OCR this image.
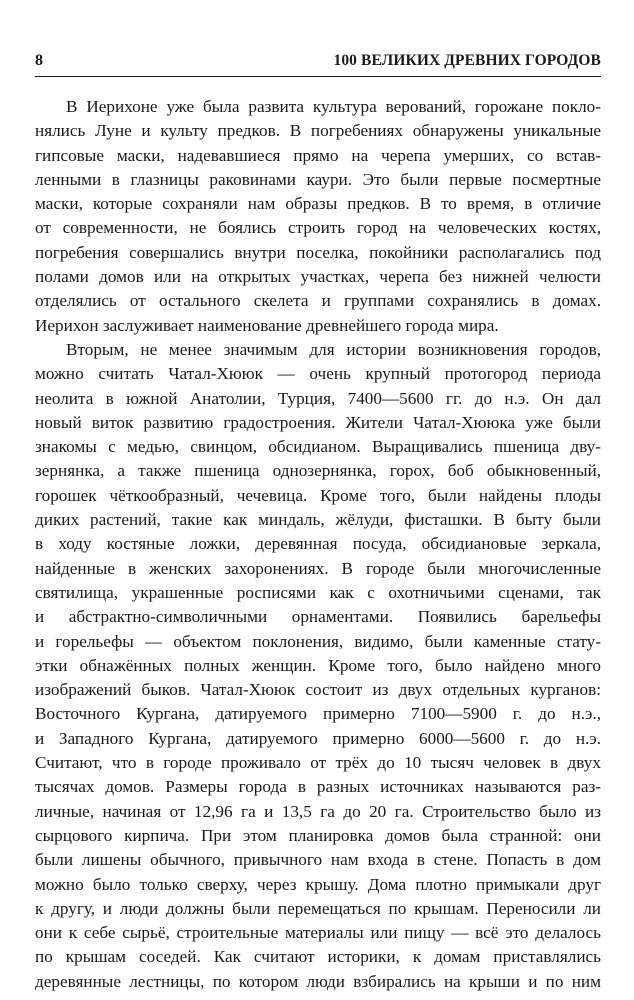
8	100 ВЕЛИКИХ ДРЕВНИХ ГОРОДОВ
В Иерихоне уже была развита культура верований, горожане покло-
нялись Луне и культу предков. В погребениях обнаружены уникальные
гипсовые маски, надевавшиеся прямо на черепа умерших, со встав-
ленными в глазницы раковинами каури. Это были первые посмертные
маски, которые сохраняли нам образы предков. В то время, в отличие
от современности, не боялись строить город на человеческих костях,
погребения совершались внутри поселка, покойники располагались под
полами домов или на открытых участках, черепа без нижней челюсти
отделялись от остального скелета и группами сохранялись в домах.
Иерихон заслуживает наименование древнейшего города мира.
Вторым, не менее значимым для истории возникновения городов,
можно считать Чатал-Хююк — очень крупный протогород периода
неолита в южной Анатолии, Турция, 7400—5600 гг. до н.э. Он дал
новый виток развитию градостроения. Жители Чатал-Хююка уже были
знакомы с медью, свинцом, обсидианом. Выращивались пшеница дву-
зернянка, а также пшеница однозернянка, горох, боб обыкновенный,
горошек чёткообразный, чечевица. Кроме того, были найдены плоды
диких растений, такие как миндаль, жёлуди, фисташки. В быту были
в ходу костяные ложки, деревянная посуда, обсидиановые зеркала,
найденные в женских захоронениях. В городе были многочисленные
святилища, украшенные росписями как с охотничьими сценами, так
и абстрактно-символичными орнаментами. Появились барельефы
и горельефы — объектом поклонения, видимо, были каменные стату-
этки обнажённых полных женщин. Кроме того, было найдено много
изображений быков. Чатал-Хююк состоит из двух отдельных курганов:
Восточного Кургана, датируемого примерно 7100—5900 г. до н.э.,
и Западного Кургана, датируемого примерно 6000—5600 г. до н.э.
Считают, что в городе проживало от трёх до 10 тысяч человек в двух
тысячах домов. Размеры города в разных источниках называются раз-
личные, начиная от 12,96 га и 13,5 га до 20 га. Строительство было из
сырцового кирпича. При этом планировка домов была странной: они
были лишены обычного, привычного нам входа в стене. Попасть в дом
можно было только сверху, через крышу. Дома плотно примыкали друг
к другу, и люди должны были перемещаться по крышам. Переносили ли
они к себе сырьё, строительные материалы или пищу — всё это делалось
по крышам соседей. Как считают историки, к домам приставлялись
деревянные лестницы, по котором люди взбирались на крыши и по ним
